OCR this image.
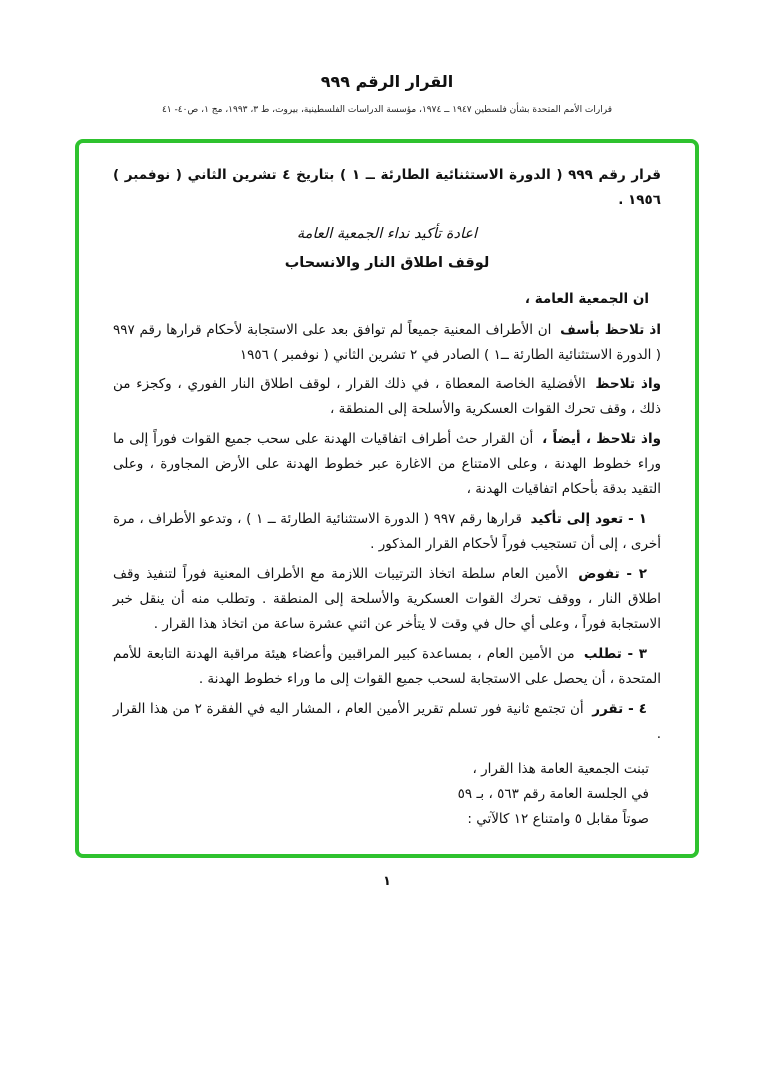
القرار الرقم ٩٩٩
قرارات الأمم المتحدة بشأن فلسطين ١٩٤٧ ــ ١٩٧٤، مؤسسة الدراسات الفلسطينية، بيروت، ط ٣، ١٩٩٣، مج ١، ص٤٠- ٤١

قرار رقم ٩٩٩ ( الدورة الاستثنائية الطارئة ــ ١ ) بتاريخ ٤ تشرين الثاني ( نوفمبر ) ١٩٥٦ .

اعادة تأكيد نداء الجمعية العامة

لوقف اطلاق النار والانسحاب

ان الجمعية العامة ،

اذ تلاحظ بأسف ان الأطراف المعنية جميعاً لم توافق بعد على الاستجابة لأحكام قرارها رقم ٩٩٧ ( الدورة الاستثنائية الطارئة ــ١ ) الصادر في ٢ تشرين الثاني ( نوفمبر ) ١٩٥٦

واذ تلاحظ الأفضلية الخاصة المعطاة ، في ذلك القرار ، لوقف اطلاق النار الفوري ، وكجزء من ذلك ، وقف تحرك القوات العسكرية والأسلحة إلى المنطقة ،

واذ تلاحظ ، أيضاً ، أن القرار حث أطراف اتفاقيات الهدنة على سحب جميع القوات فوراً إلى ما وراء خطوط الهدنة ، وعلى الامتناع من الاغارة عبر خطوط الهدنة على الأرض المجاورة ، وعلى التقيد بدقة بأحكام اتفاقيات الهدنة ،

١ - تعود إلى تأكيد قرارها رقم ٩٩٧ ( الدورة الاستثنائية الطارئة ــ ١ ) ، وتدعو الأطراف ، مرة أخرى ، إلى أن تستجيب فوراً لأحكام القرار المذكور .

٢ - تفوض الأمين العام سلطة اتخاذ الترتيبات اللازمة مع الأطراف المعنية فوراً لتنفيذ وقف اطلاق النار ، ووقف تحرك القوات العسكرية والأسلحة إلى المنطقة . وتطلب منه أن ينقل خبر الاستجابة فوراً ، وعلى أي حال في وقت لا يتأخر عن اثني عشرة ساعة من اتخاذ هذا القرار .

٣ - تطلب من الأمين العام ، بمساعدة كبير المراقبين وأعضاء هيئة مراقبة الهدنة التابعة للأمم المتحدة ، أن يحصل على الاستجابة لسحب جميع القوات إلى ما وراء خطوط الهدنة .

٤ - تقرر أن تجتمع ثانية فور تسلم تقرير الأمين العام ، المشار اليه في الفقرة ٢ من هذا القرار .

تبنت الجمعية العامة هذا القرار ،
في الجلسة العامة رقم ٥٦٣ ، بـ ٥٩
صوتاً مقابل ٥ وامتناع ١٢ كالآتي :
١
